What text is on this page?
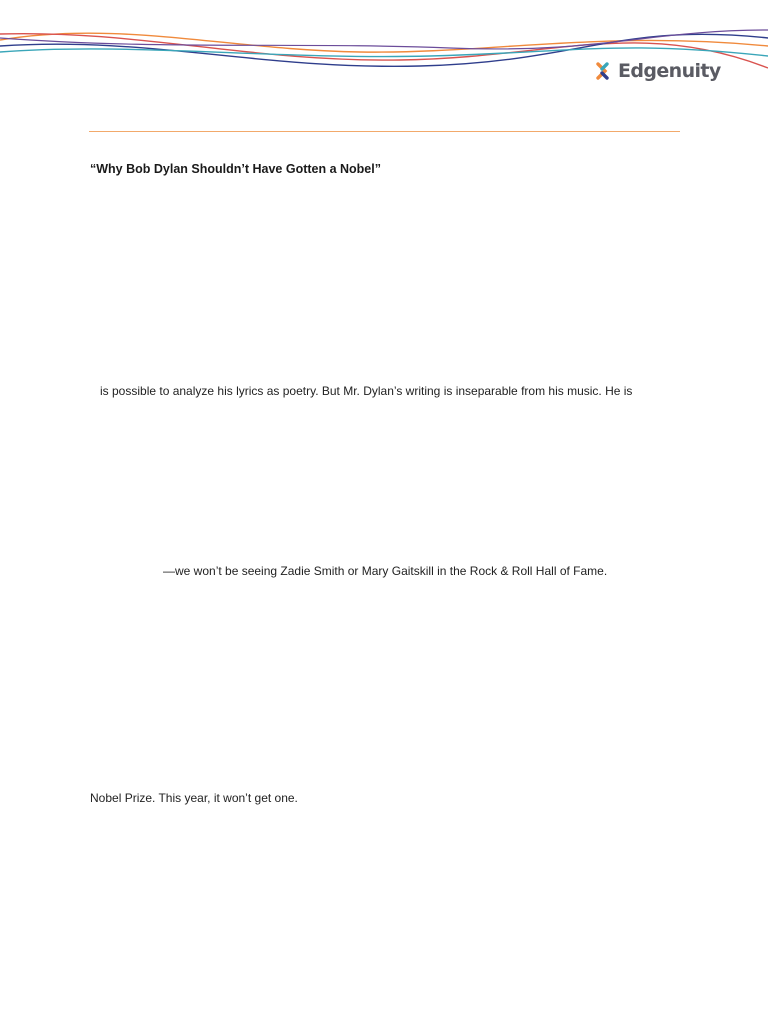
Edgenuity
“Why Bob Dylan Shouldn’t Have Gotten a Nobel”
is possible to analyze his lyrics as poetry. But Mr. Dylan’s writing is inseparable from his music. He is
—we won’t be seeing Zadie Smith or Mary Gaitskill in the Rock & Roll Hall of Fame.
Nobel Prize. This year, it won’t get one.
